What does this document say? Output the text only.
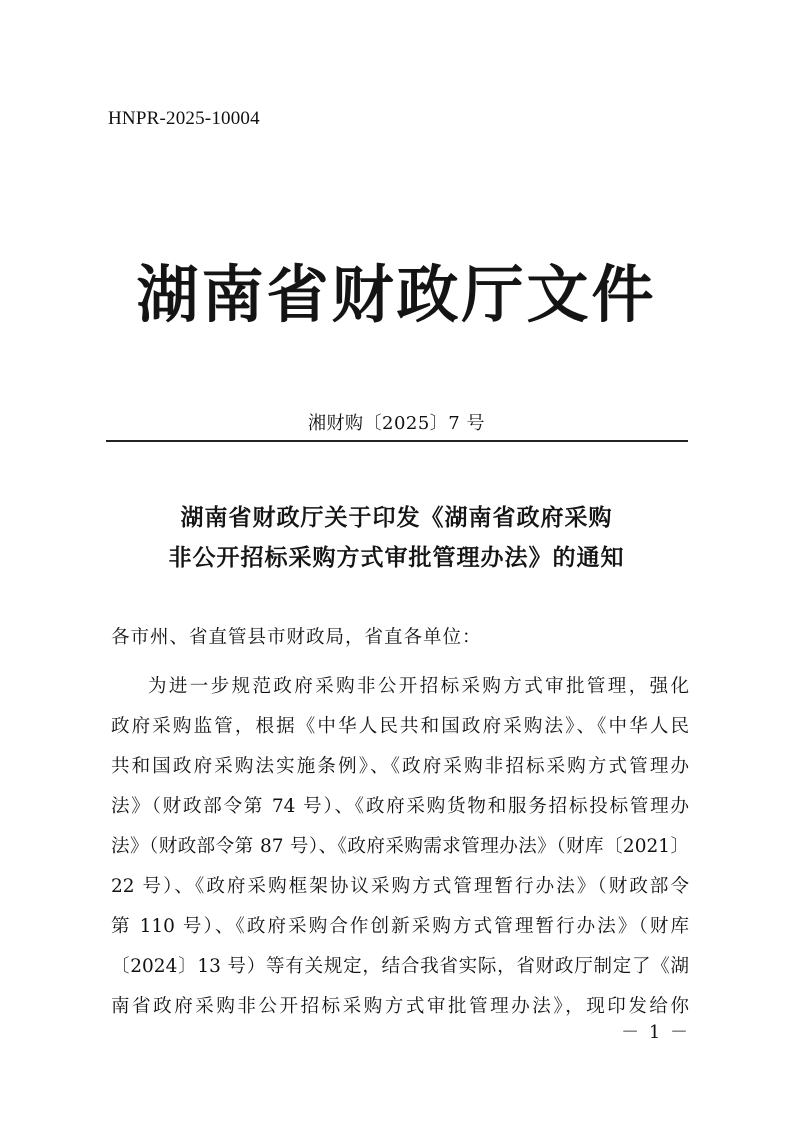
HNPR-2025-10004
湖南省财政厅文件
湘财购〔2025〕7 号
湖南省财政厅关于印发《湖南省政府采购
非公开招标采购方式审批管理办法》的通知
各市州、省直管县市财政局，省直各单位：
为进一步规范政府采购非公开招标采购方式审批管理，强化
政府采购监管，根据《中华人民共和国政府采购法》、《中华人民
共和国政府采购法实施条例》、《政府采购非招标采购方式管理办
法》（财政部令第 74 号）、《政府采购货物和服务招标投标管理办
法》（财政部令第 87 号）、《政府采购需求管理办法》（财库〔2021〕
22 号）、《政府采购框架协议采购方式管理暂行办法》（财政部令
第 110 号）、《政府采购合作创新采购方式管理暂行办法》（财库
〔2024〕13 号）等有关规定，结合我省实际，省财政厅制定了《湖
南省政府采购非公开招标采购方式审批管理办法》，现印发给你
－ 1 －
